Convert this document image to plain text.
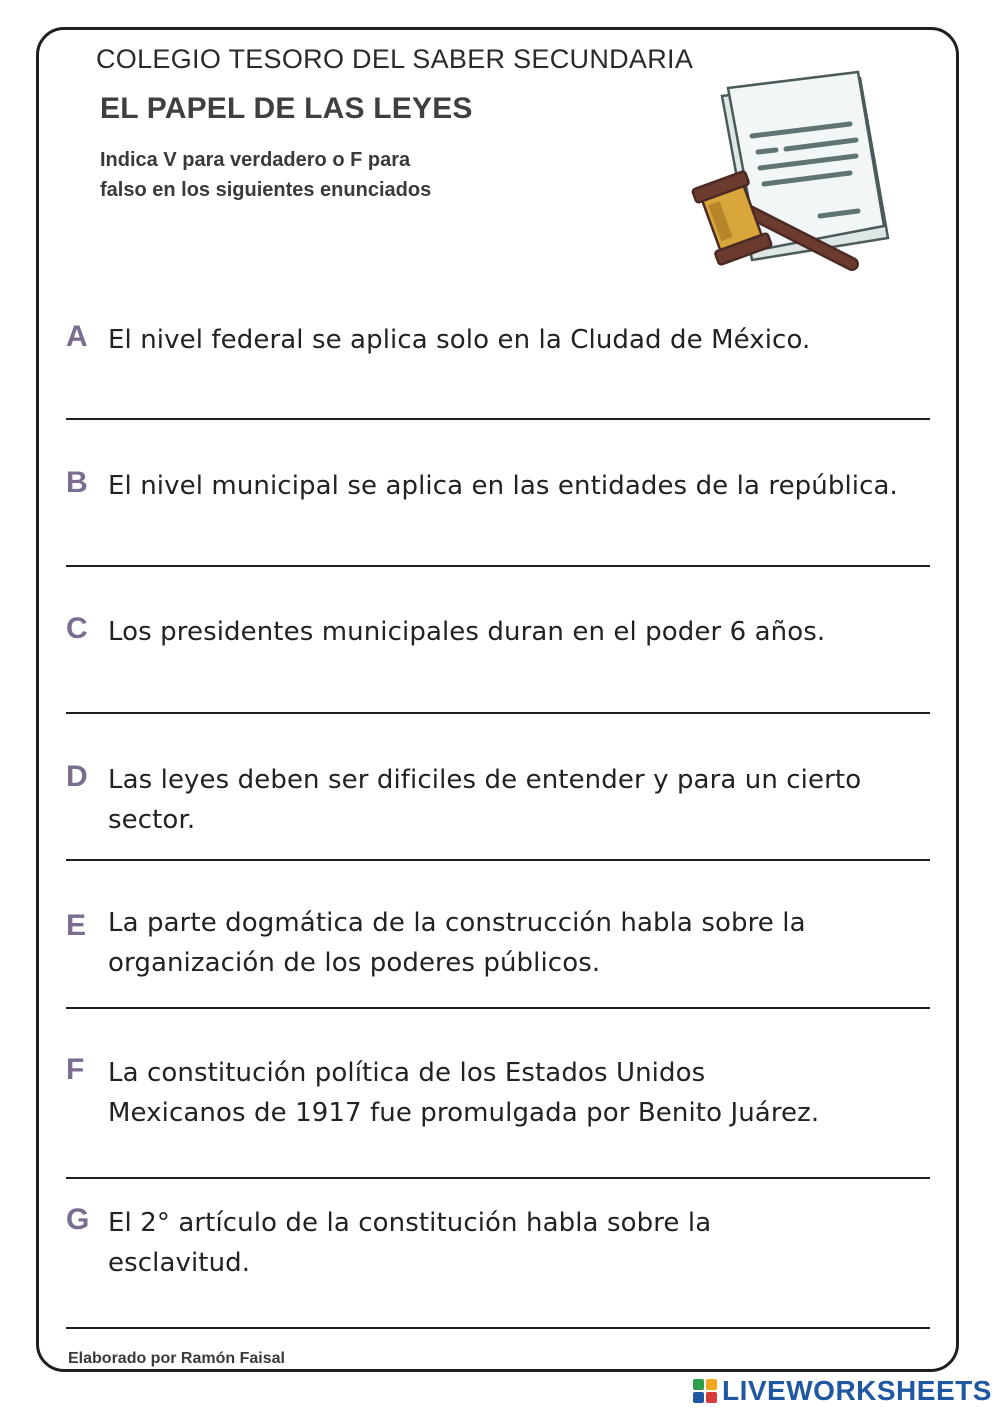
COLEGIO TESORO DEL SABER SECUNDARIA
EL PAPEL DE LAS LEYES
Indica V para verdadero o F para
falso en los siguientes enunciados
A El nivel federal se aplica solo en la Cludad de México.
B El nivel municipal se aplica en las entidades de la república.
C Los presidentes municipales duran en el poder 6 años.
D Las leyes deben ser dificiles de entender y para un cierto sector.
E La parte dogmática de la construcción habla sobre la
organización de los poderes públicos.
F La constitución política de los Estados Unidos
Mexicanos de 1917 fue promulgada por Benito Juárez.
G El 2° artículo de la constitución habla sobre la
esclavitud.
Elaborado por Ramón Faisal
LIVEWORKSHEETS
